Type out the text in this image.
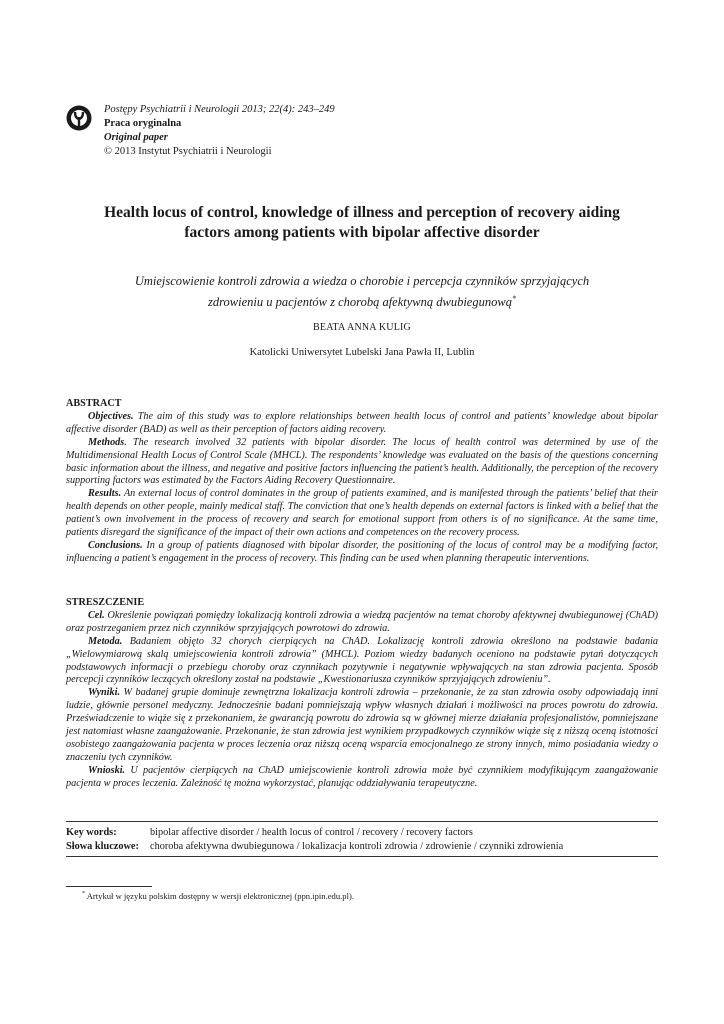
Postępy Psychiatrii i Neurologii 2013; 22(4): 243–249
Praca oryginalna
Original paper
© 2013 Instytut Psychiatrii i Neurologii
Health locus of control, knowledge of illness and perception of recovery aiding factors among patients with bipolar affective disorder
Umiejscowienie kontroli zdrowia a wiedza o chorobie i percepcja czynników sprzyjających zdrowieniu u pacjentów z chorobą afektywną dwubiegunową*
BEATA ANNA KULIG
Katolicki Uniwersytet Lubelski Jana Pawła II, Lublin
ABSTRACT

Objectives. The aim of this study was to explore relationships between health locus of control and patients’ knowledge about bipolar affective disorder (BAD) as well as their perception of factors aiding recovery.

Methods. The research involved 32 patients with bipolar disorder. The locus of health control was determined by use of the Multidimensional Health Locus of Control Scale (MHCL). The respondents’ knowledge was evaluated on the basis of the questions concerning basic information about the illness, and negative and positive factors influencing the patient’s health. Additionally, the perception of the recovery supporting factors was estimated by the Factors Aiding Recovery Questionnaire.

Results. An external locus of control dominates in the group of patients examined, and is manifested through the patients’ belief that their health depends on other people, mainly medical staff. The conviction that one’s health depends on external factors is linked with a belief that the patient’s own involvement in the process of recovery and search for emotional support from others is of no significance. At the same time, patients disregard the significance of the impact of their own actions and competences on the recovery process.

Conclusions. In a group of patients diagnosed with bipolar disorder, the positioning of the locus of control may be a modifying factor, influencing a patient’s engagement in the process of recovery. This finding can be used when planning therapeutic interventions.

STRESZCZENIE

Cel. Określenie powiązań pomiędzy lokalizacją kontroli zdrowia a wiedzą pacjentów na temat choroby afektywnej dwubiegunowej (ChAD) oraz postrzeganiem przez nich czynników sprzyjających powrotowi do zdrowia.

Metoda. Badaniem objęto 32 chorych cierpiących na ChAD. Lokalizację kontroli zdrowia określono na podstawie badania „Wielowymiarową skalą umiejscowienia kontroli zdrowia” (MHCL). Poziom wiedzy badanych oceniono na podstawie pytań dotyczących podstawowych informacji o przebiegu choroby oraz czynnikach pozytywnie i negatywnie wpływających na stan zdrowia pacjenta. Sposób percepcji czynników leczących określony został na podstawie „Kwestionariusza czynników sprzyjających zdrowieniu”.

Wyniki. W badanej grupie dominuje zewnętrzna lokalizacja kontroli zdrowia – przekonanie, że za stan zdrowia osoby odpowiadają inni ludzie, głównie personel medyczny. Jednocześnie badani pomniejszają wpływ własnych działań i możliwości na proces powrotu do zdrowia. Przeświadczenie to wiąże się z przekonaniem, że gwarancją powrotu do zdrowia są w głównej mierze działania profesjonalistów, pomniejszane jest natomiast własne zaangażowanie. Przekonanie, że stan zdrowia jest wynikiem przypadkowych czynników wiąże się z niższą oceną istotności osobistego zaangażowania pacjenta w proces leczenia oraz niższą oceną wsparcia emocjonalnego ze strony innych, mimo posiadania wiedzy o znaczeniu tych czynników.

Wnioski. U pacjentów cierpiących na ChAD umiejscowienie kontroli zdrowia może być czynnikiem modyfikującym zaangażowanie pacjenta w proces leczenia. Zależność tę można wykorzystać, planując oddziaływania terapeutyczne.

Key words:	bipolar affective disorder / health locus of control / recovery / recovery factors
Słowa kluczowe: choroba afektywna dwubiegunowa / lokalizacja kontroli zdrowia / zdrowienie / czynniki zdrowienia
* Artykuł w języku polskim dostępny w wersji elektronicznej (ppn.ipin.edu.pl).
